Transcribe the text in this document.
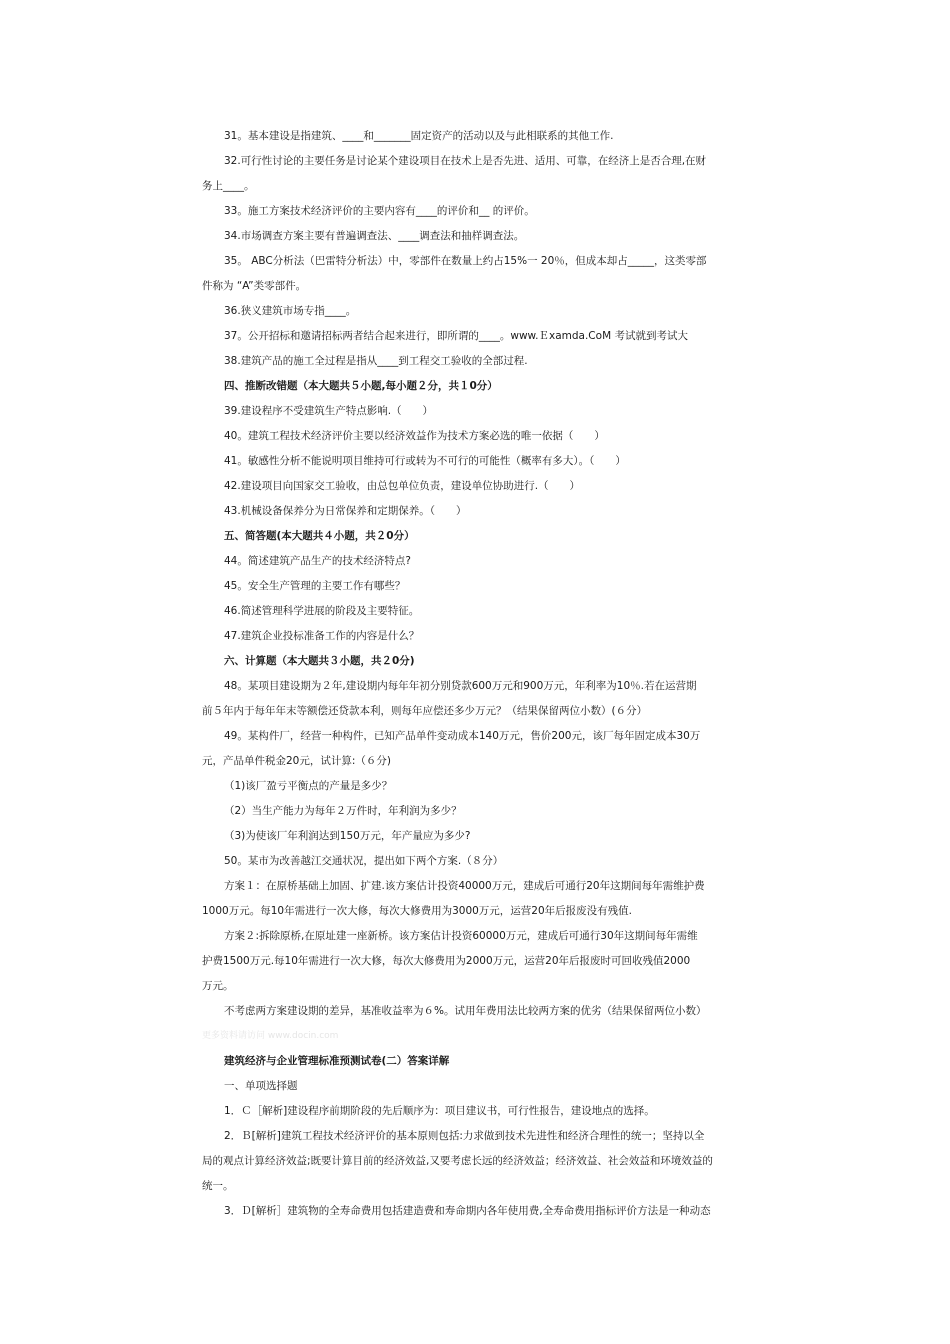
31。基本建设是指建筑、____和_______固定资产的活动以及与此相联系的其他工作.
32.可行性讨论的主要任务是讨论某个建设项目在技术上是否先进、适用、可靠，在经济上是否合理,在财
务上____。
33。施工方案技术经济评价的主要内容有____的评价和__ 的评价。
34.市场调查方案主要有普遍调查法、____调查法和抽样调查法。
35。 ABC分析法（巴雷特分析法）中，零部件在数量上约占15%一 20％，但成本却占_____，这类零部
件称为 “A”类零部件。
36.狭义建筑市场专指____。
37。公开招标和邀请招标两者结合起来进行，即所谓的____。www.Ｅxamda.CoM 考试就到考试大
38.建筑产品的施工全过程是指从____到工程交工验收的全部过程.
四、推断改错题（本大题共５小题,每小题２分，共１0分）
39.建设程序不受建筑生产特点影响.（　　）
40。建筑工程技术经济评价主要以经济效益作为技术方案必选的唯一依据（　　）
41。敏感性分析不能说明项目维持可行或转为不可行的可能性（概率有多大）。（　　）
42.建设项目向国家交工验收，由总包单位负责，建设单位协助进行.（　　）
43.机械设备保养分为日常保养和定期保养。（　　）
五、简答题(本大题共４小题，共２0分）
44。简述建筑产品生产的技术经济特点?
45。安全生产管理的主要工作有哪些？
46.简述管理科学进展的阶段及主要特征。
47.建筑企业投标准备工作的内容是什么？
六、计算题（本大题共３小题，共２0分)
48。某项目建设期为２年,建设期内每年年初分别贷款600万元和900万元，年利率为10％.若在运营期
前５年内于每年年末等额偿还贷款本利，则每年应偿还多少万元？（结果保留两位小数）(６分）
49。某构件厂，经营一种构件，已知产品单件变动成本140万元，售价200元，该厂每年固定成本30万
元，产品单件税金20元，试计算:（６分)
（1)该厂盈亏平衡点的产量是多少？
（2）当生产能力为每年２万件时，年利润为多少？
（3)为使该厂年利润达到150万元，年产量应为多少?
50。某市为改善越江交通状况，提出如下两个方案.（８分）
方案１：在原桥基础上加固、扩建.该方案估计投资40000万元，建成后可通行20年这期间每年需维护费
1000万元。每10年需进行一次大修，每次大修费用为3000万元，运营20年后报废没有残值.
方案２:拆除原桥,在原址建一座新桥。该方案估计投资60000万元，建成后可通行30年这期间每年需维
护费1500万元.每10年需进行一次大修，每次大修费用为2000万元，运营20年后报废时可回收残值2000
万元。
不考虑两方案建设期的差异，基准收益率为６%。试用年费用法比较两方案的优劣（结果保留两位小数）
更多资料请访问 www.docin.com
建筑经济与企业管理标准预测试卷(二）答案详解
一、单项选择题
1．Ｃ［解析]建设程序前期阶段的先后顺序为：项目建议书，可行性报告，建设地点的选择。
2．Ｂ[解析]建筑工程技术经济评价的基本原则包括:力求做到技术先进性和经济合理性的统一；坚持以全
局的观点计算经济效益;既要计算目前的经济效益,又要考虑长远的经济效益；经济效益、社会效益和环境效益的
统一。
3．Ｄ[解析］建筑物的全寿命费用包括建造费和寿命期内各年使用费,全寿命费用指标评价方法是一种动态
